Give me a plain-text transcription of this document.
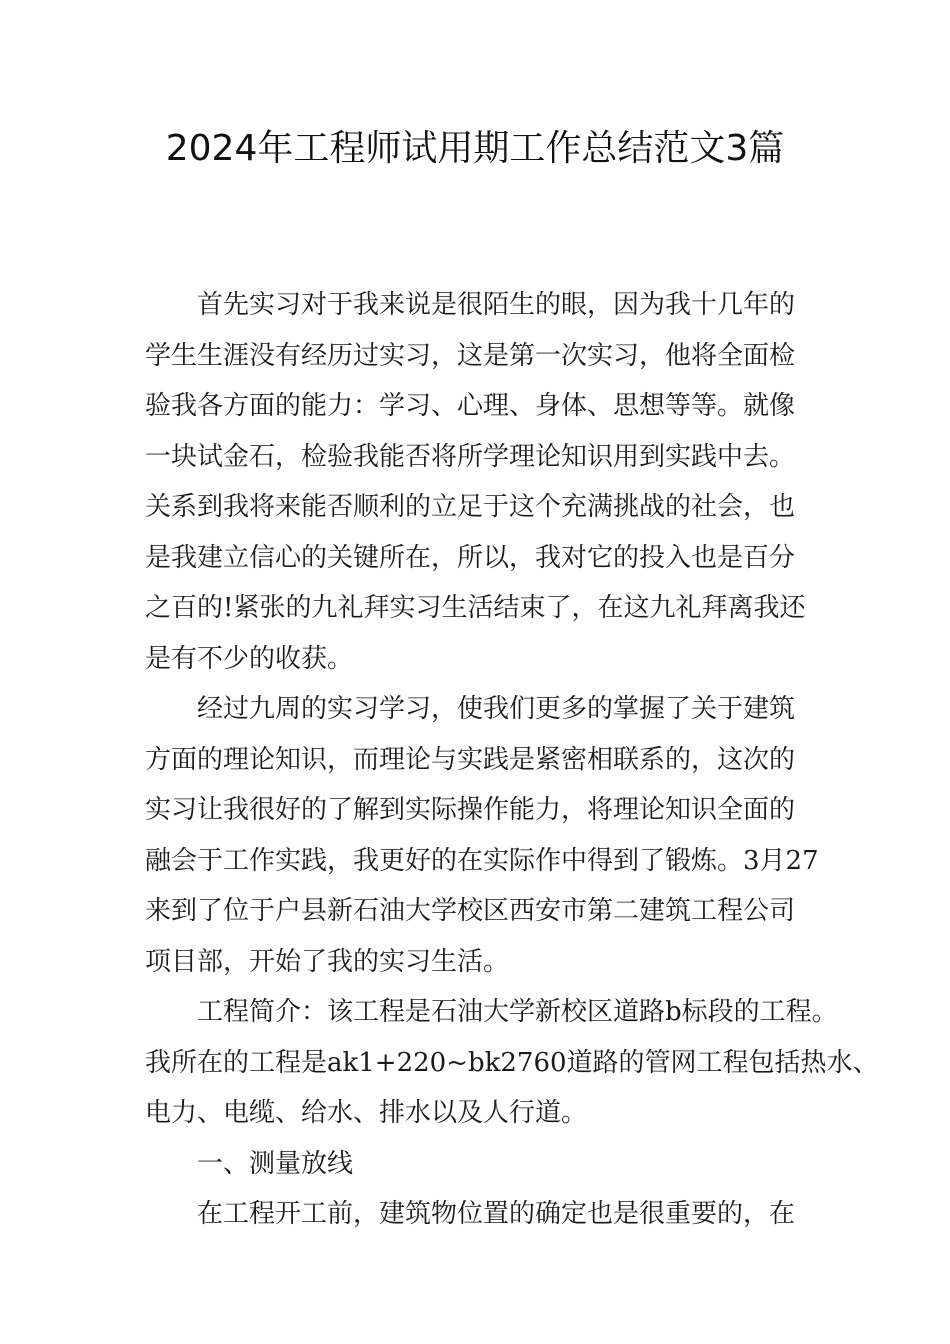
2024年工程师试用期工作总结范文3篇

首先实习对于我来说是很陌生的眼，因为我十几年的
学生生涯没有经历过实习，这是第一次实习，他将全面检
验我各方面的能力：学习、心理、身体、思想等等。就像
一块试金石，检验我能否将所学理论知识用到实践中去。
关系到我将来能否顺利的立足于这个充满挑战的社会，也
是我建立信心的关键所在，所以，我对它的投入也是百分
之百的!紧张的九礼拜实习生活结束了，在这九礼拜离我还
是有不少的收获。

经过九周的实习学习，使我们更多的掌握了关于建筑
方面的理论知识，而理论与实践是紧密相联系的，这次的
实习让我很好的了解到实际操作能力，将理论知识全面的
融会于工作实践，我更好的在实际作中得到了锻炼。3月27
来到了位于户县新石油大学校区西安市第二建筑工程公司
项目部，开始了我的实习生活。

工程简介：该工程是石油大学新校区道路b标段的工程。
我所在的工程是ak1+220~bk2760道路的管网工程包括热水、
电力、电缆、给水、排水以及人行道。

一、测量放线

在工程开工前，建筑物位置的确定也是很重要的，在
